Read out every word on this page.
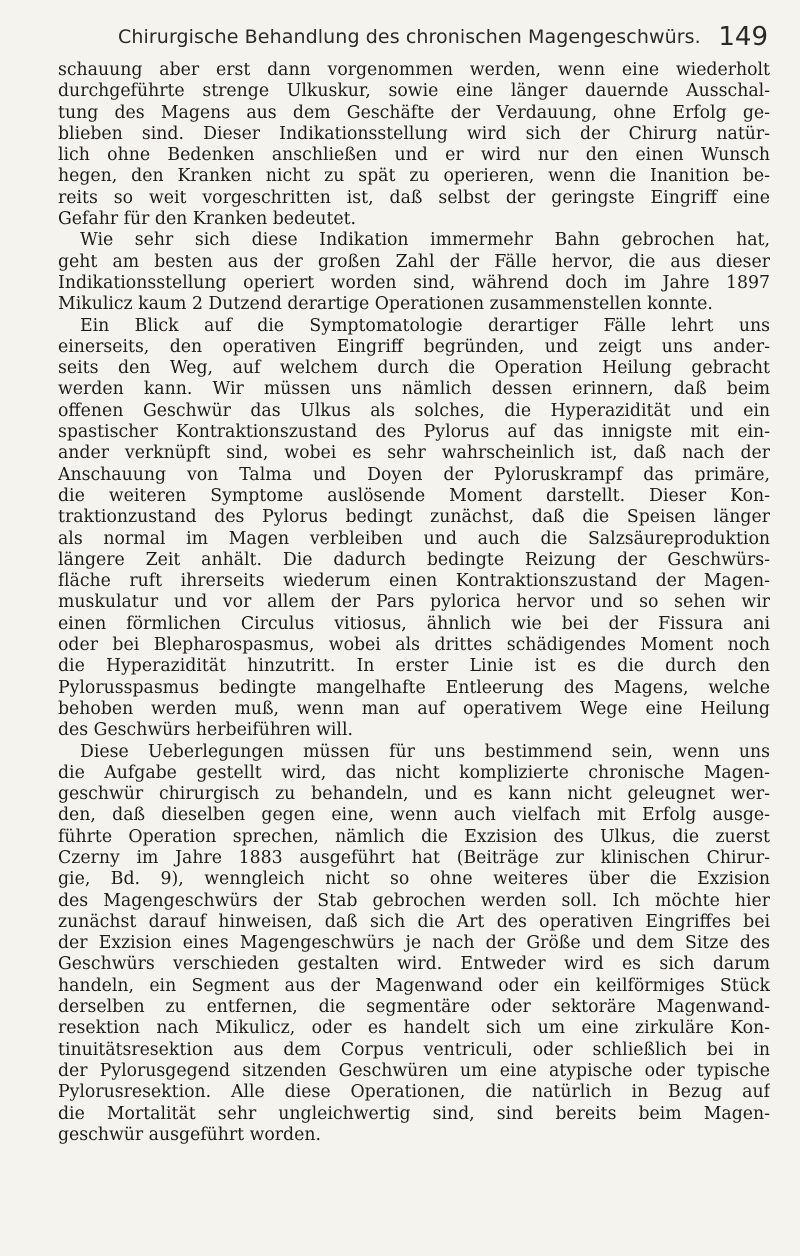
Chirurgische Behandlung des chronischen Magengeschwürs. 149
schauung aber erst dann vorgenommen werden, wenn eine wiederholt
durchgeführte strenge Ulkuskur, sowie eine länger dauernde Ausschal-
tung des Magens aus dem Geschäfte der Verdauung, ohne Erfolg ge-
blieben sind. Dieser Indikationsstellung wird sich der Chirurg natür-
lich ohne Bedenken anschließen und er wird nur den einen Wunsch
hegen, den Kranken nicht zu spät zu operieren, wenn die Inanition be-
reits so weit vorgeschritten ist, daß selbst der geringste Eingriff eine
Gefahr für den Kranken bedeutet.
Wie sehr sich diese Indikation immermehr Bahn gebrochen hat,
geht am besten aus der großen Zahl der Fälle hervor, die aus dieser
Indikationsstellung operiert worden sind, während doch im Jahre 1897
Mikulicz kaum 2 Dutzend derartige Operationen zusammenstellen konnte.
Ein Blick auf die Symptomatologie derartiger Fälle lehrt uns
einerseits, den operativen Eingriff begründen, und zeigt uns ander-
seits den Weg, auf welchem durch die Operation Heilung gebracht
werden kann. Wir müssen uns nämlich dessen erinnern, daß beim
offenen Geschwür das Ulkus als solches, die Hyperazidität und ein
spastischer Kontraktionszustand des Pylorus auf das innigste mit ein-
ander verknüpft sind, wobei es sehr wahrscheinlich ist, daß nach der
Anschauung von Talma und Doyen der Pyloruskrampf das primäre,
die weiteren Symptome auslösende Moment darstellt. Dieser Kon-
traktionzustand des Pylorus bedingt zunächst, daß die Speisen länger
als normal im Magen verbleiben und auch die Salzsäureproduktion
längere Zeit anhält. Die dadurch bedingte Reizung der Geschwürs-
fläche ruft ihrerseits wiederum einen Kontraktionszustand der Magen-
muskulatur und vor allem der Pars pylorica hervor und so sehen wir
einen förmlichen Circulus vitiosus, ähnlich wie bei der Fissura ani
oder bei Blepharospasmus, wobei als drittes schädigendes Moment noch
die Hyperazidität hinzutritt. In erster Linie ist es die durch den
Pylorusspasmus bedingte mangelhafte Entleerung des Magens, welche
behoben werden muß, wenn man auf operativem Wege eine Heilung
des Geschwürs herbeiführen will.
Diese Ueberlegungen müssen für uns bestimmend sein, wenn uns
die Aufgabe gestellt wird, das nicht komplizierte chronische Magen-
geschwür chirurgisch zu behandeln, und es kann nicht geleugnet wer-
den, daß dieselben gegen eine, wenn auch vielfach mit Erfolg ausge-
führte Operation sprechen, nämlich die Exzision des Ulkus, die zuerst
Czerny im Jahre 1883 ausgeführt hat (Beiträge zur klinischen Chirur-
gie, Bd. 9), wenngleich nicht so ohne weiteres über die Exzision
des Magengeschwürs der Stab gebrochen werden soll. Ich möchte hier
zunächst darauf hinweisen, daß sich die Art des operativen Eingriffes bei
der Exzision eines Magengeschwürs je nach der Größe und dem Sitze des
Geschwürs verschieden gestalten wird. Entweder wird es sich darum
handeln, ein Segment aus der Magenwand oder ein keilförmiges Stück
derselben zu entfernen, die segmentäre oder sektoräre Magenwand-
resektion nach Mikulicz, oder es handelt sich um eine zirkuläre Kon-
tinuitätsresektion aus dem Corpus ventriculi, oder schließlich bei in
der Pylorusgegend sitzenden Geschwüren um eine atypische oder typische
Pylorusresektion. Alle diese Operationen, die natürlich in Bezug auf
die Mortalität sehr ungleichwertig sind, sind bereits beim Magen-
geschwür ausgeführt worden.
